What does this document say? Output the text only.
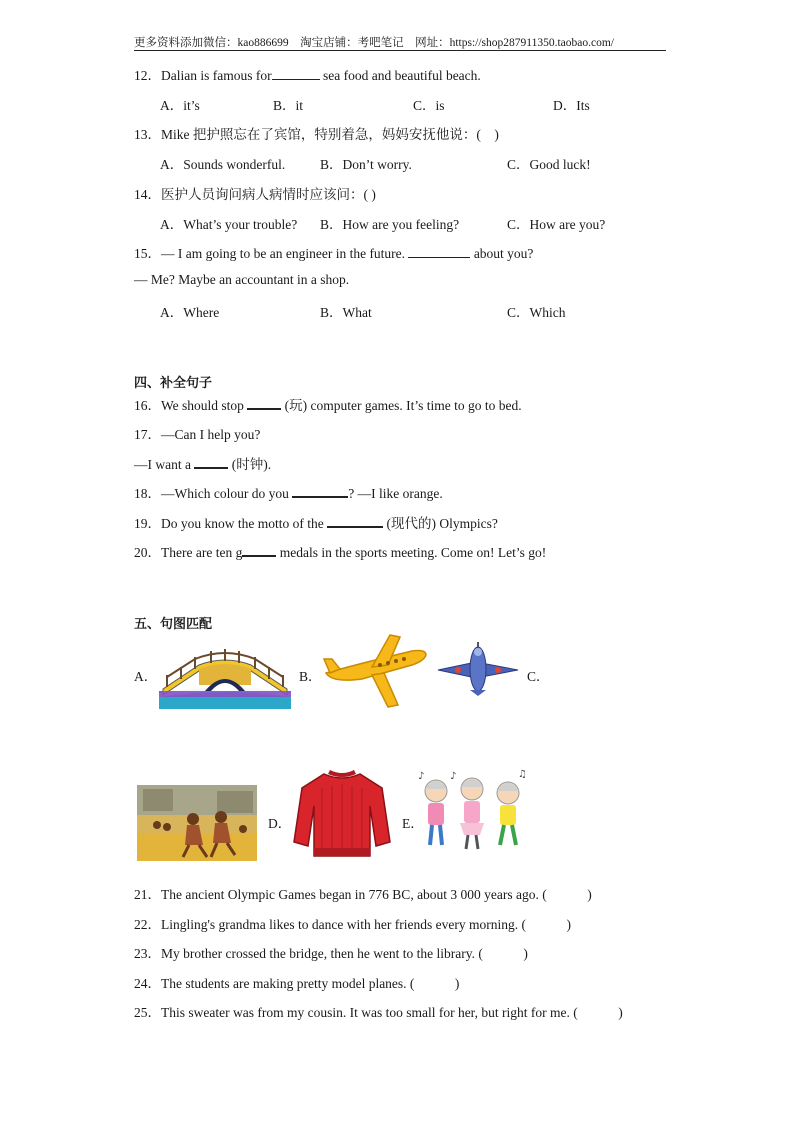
更多资料添加微信：kao886699　淘宝店铺：考吧笔记　网址：https://shop287911350.taobao.com/
12．Dalian is famous for	sea food and beautiful beach.
A．it’s	B．it	C．is	D．Its
13．Mike 把护照忘在了宾馆，特别着急，妈妈安抚他说：(　)
A．Sounds wonderful.	B．Don’t worry.	C．Good luck!
14．医护人员询问病人病情时应该问：( )
A．What’s your trouble? B．How are you feeling?	C．How are you?
15．— I am going to be an engineer in the future.	about you?
— Me? Maybe an accountant in a shop.
A．Where	B．What	C．Which
四、补全句子
16．We should stop	(玩) computer games. It’s time to go to bed.
17．—Can I help you?
—I want a	(时钟).
18．—Which colour do you	? —I like orange.
19．Do you know the motto of the	(现代的) Olympics?
20．There are ten g	medals in the sports meeting. Come on! Let’s go!
五、句图匹配
A．	B．	C．
D．	E．
♪	♫
♪
21．The ancient Olympic Games began in 776 BC, about 3 000 years ago. (　　　)
22．Lingling's grandma likes to dance with her friends every morning. (　　　)
23．My brother crossed the bridge, then he went to the library. (　　　)
24．The students are making pretty model planes. (　　　)
25．This sweater was from my cousin. It was too small for her, but right for me. (　　　)
